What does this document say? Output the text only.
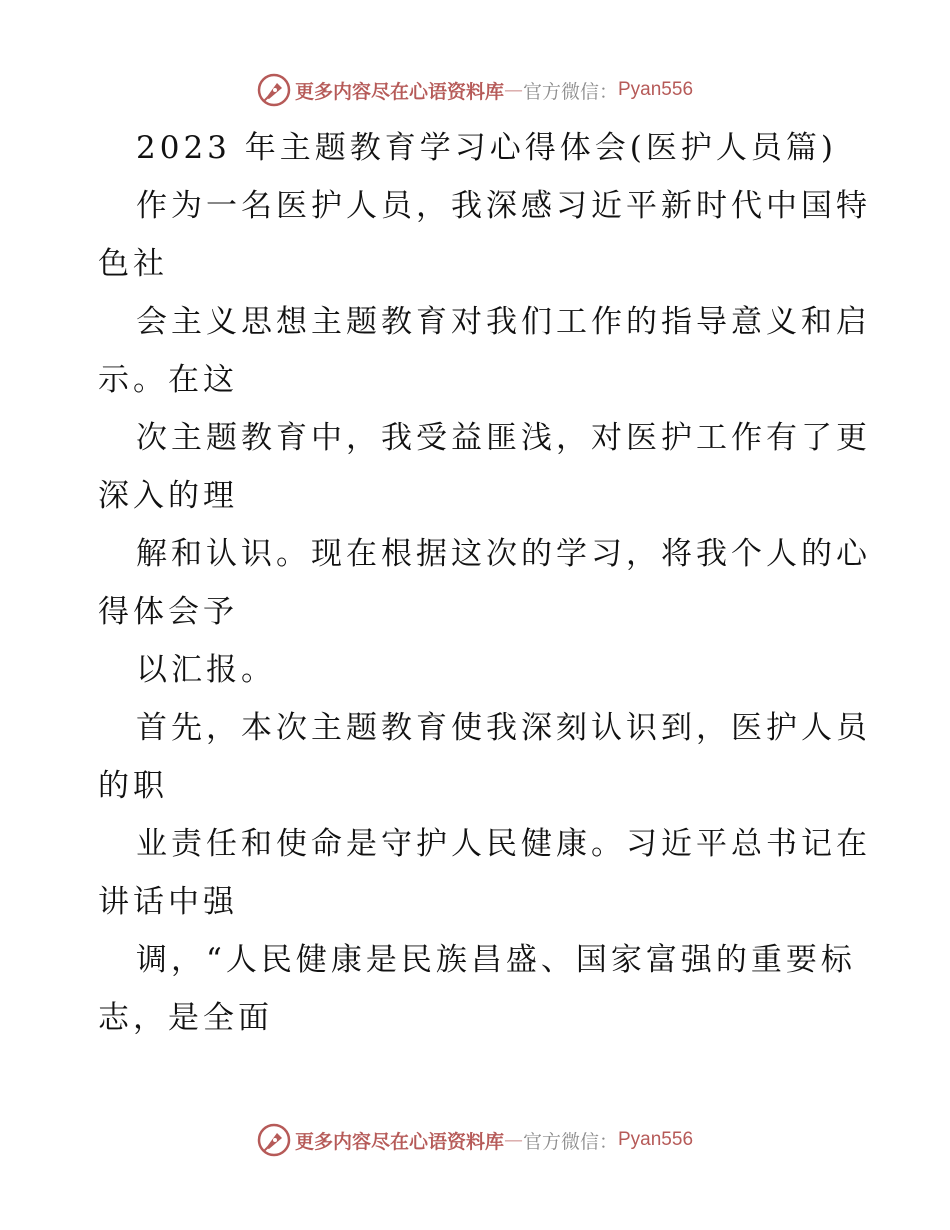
更多内容尽在心语资料库 — 官方微信： Pyan556
2023 年主题教育学习心得体会(医护人员篇)
作为一名医护人员，我深感习近平新时代中国特
色社
会主义思想主题教育对我们工作的指导意义和启
示。在这
次主题教育中，我受益匪浅，对医护工作有了更
深入的理
解和认识。现在根据这次的学习，将我个人的心
得体会予
以汇报。
首先，本次主题教育使我深刻认识到，医护人员
的职
业责任和使命是守护人民健康。习近平总书记在
讲话中强
调，“人民健康是民族昌盛、国家富强的重要标
志，是全面
更多内容尽在心语资料库 — 官方微信： Pyan556
